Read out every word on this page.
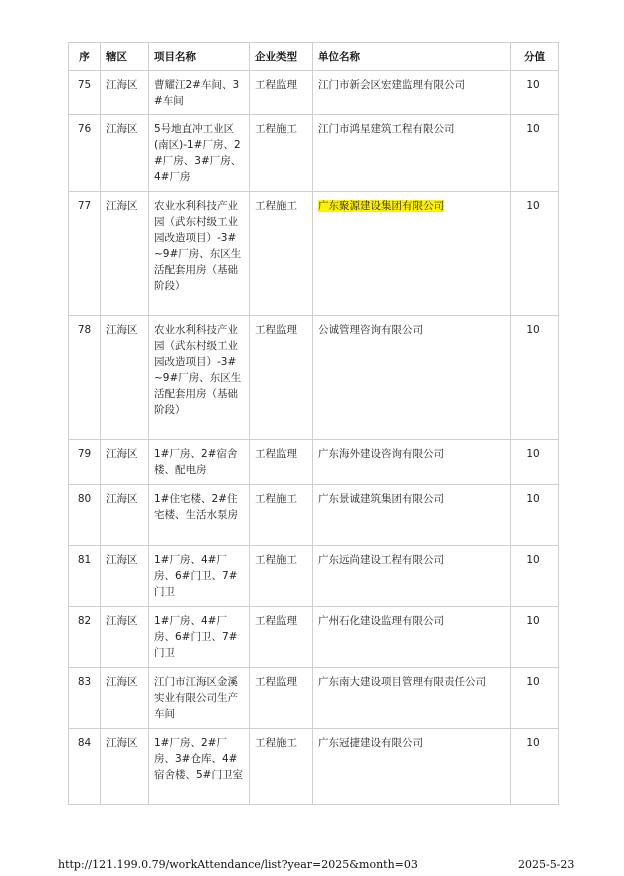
序	辖区	项目名称	企业类型	单位名称	分值
75	江海区	曹耀江2#车间、3#车间	工程监理	江门市新会区宏建监理有限公司	10
76	江海区	5号地直冲工业区(南区)-1#厂房、2#厂房、3#厂房、4#厂房	工程施工	江门市鸿星建筑工程有限公司	10
77	江海区	农业水利科技产业园（武东村级工业园改造项目）-3#~9#厂房、东区生活配套用房（基础阶段）	工程施工	广东聚源建设集团有限公司	10
78	江海区	农业水利科技产业园（武东村级工业园改造项目）-3#~9#厂房、东区生活配套用房（基础阶段）	工程监理	公诚管理咨询有限公司	10
79	江海区	1#厂房、2#宿舍楼、配电房	工程监理	广东海外建设咨询有限公司	10
80	江海区	1#住宅楼、2#住宅楼、生活水泵房	工程施工	广东景诚建筑集团有限公司	10
81	江海区	1#厂房、4#厂房、6#门卫、7#门卫	工程施工	广东远尚建设工程有限公司	10
82	江海区	1#厂房、4#厂房、6#门卫、7#门卫	工程监理	广州石化建设监理有限公司	10
83	江海区	江门市江海区金溪实业有限公司生产车间	工程监理	广东南大建设项目管理有限责任公司	10
84	江海区	1#厂房、2#厂房、3#仓库、4#宿舍楼、5#门卫室	工程施工	广东冠捷建设有限公司	10
http://121.199.0.79/workAttendance/list?year=2025&month=03	2025-5-23
